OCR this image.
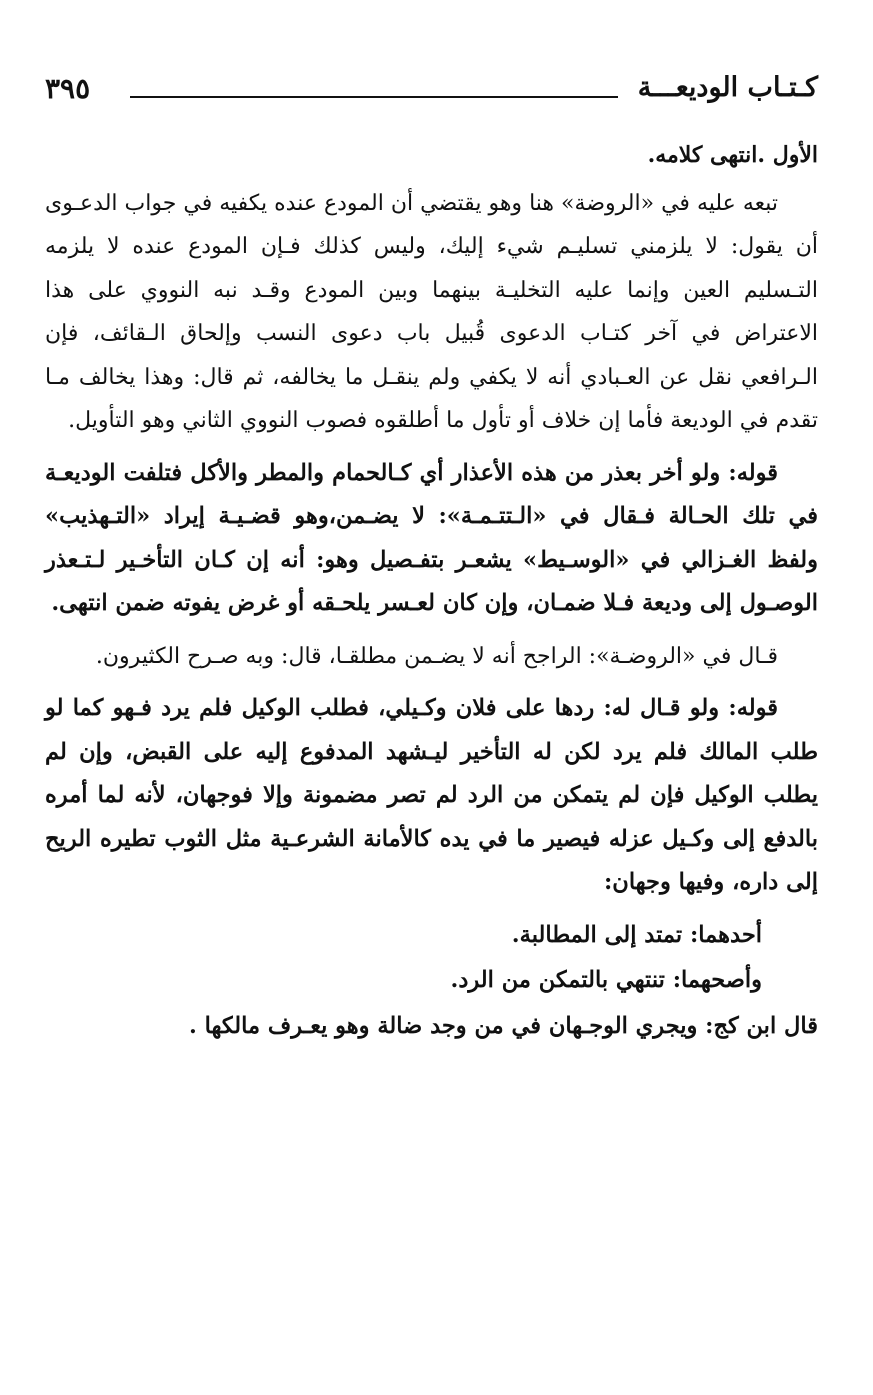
كـتـاب الوديعـــة
٣٩٥

الأول .انتهى كلامه.

تبعه عليه في «الروضة» هنا وهو يقتضي أن المودع عنده يكفيه في جواب الدعـوى أن يقول: لا يلزمني تسليـم شيء إليك، وليس كذلك فـإن المودع عنده لا يلزمه التـسليم العين وإنما عليه التخليـة بينهما وبين المودع وقـد نبه النووي على هذا الاعتراض في آخر كتـاب الدعوى قُبيل باب دعوى النسب وإلحاق الـقائف، فإن الـرافعي نقل عن العـبادي أنه لا يكفي ولم ينقـل ما يخالفه، ثم قال: وهذا يخالف مـا تقدم في الوديعة فأما إن خلاف أو تأول ما أطلقوه فصوب النووي الثاني وهو التأويل.

قوله: ولو أخر بعذر من هذه الأعذار أي كـالحمام والمطر والأكل فتلفت الوديعـة في تلك الحـالة فـقال في «الـتتـمـة»: لا يضـمن،وهو قضـيـة إيراد «التـهذيب» ولفظ الغـزالي في «الوسـيط» يشعـر بتفـصيل وهو: أنه إن كـان التأخـير لـتـعذر الوصـول إلى وديعة فـلا ضمـان، وإن كان لعـسر يلحـقه أو غرض يفوته ضمن انتهى.

قـال في «الروضـة»: الراجح أنه لا يضـمن مطلقـا، قال: وبه صـرح الكثيرون.

قوله: ولو قـال له: ردها على فلان وكـيلي، فطلب الوكيل فلم يرد فـهو كما لو طلب المالك فلم يرد لكن له التأخير ليـشهد المدفوع إليه على القبض، وإن لم يطلب الوكيل فإن لم يتمكن من الرد لم تصر مضمونة وإلا فوجهان، لأنه لما أمره بالدفع إلى وكـيل عزله فيصير ما في يده كالأمانة الشرعـية مثل الثوب تطيره الريح إلى داره، وفيها وجهان:

أحدهما: تمتد إلى المطالبة.

وأصحهما: تنتهي بالتمكن من الرد.

قال ابن كج: ويجري الوجـهان في من وجد ضالة وهو يعـرف مالكها .
